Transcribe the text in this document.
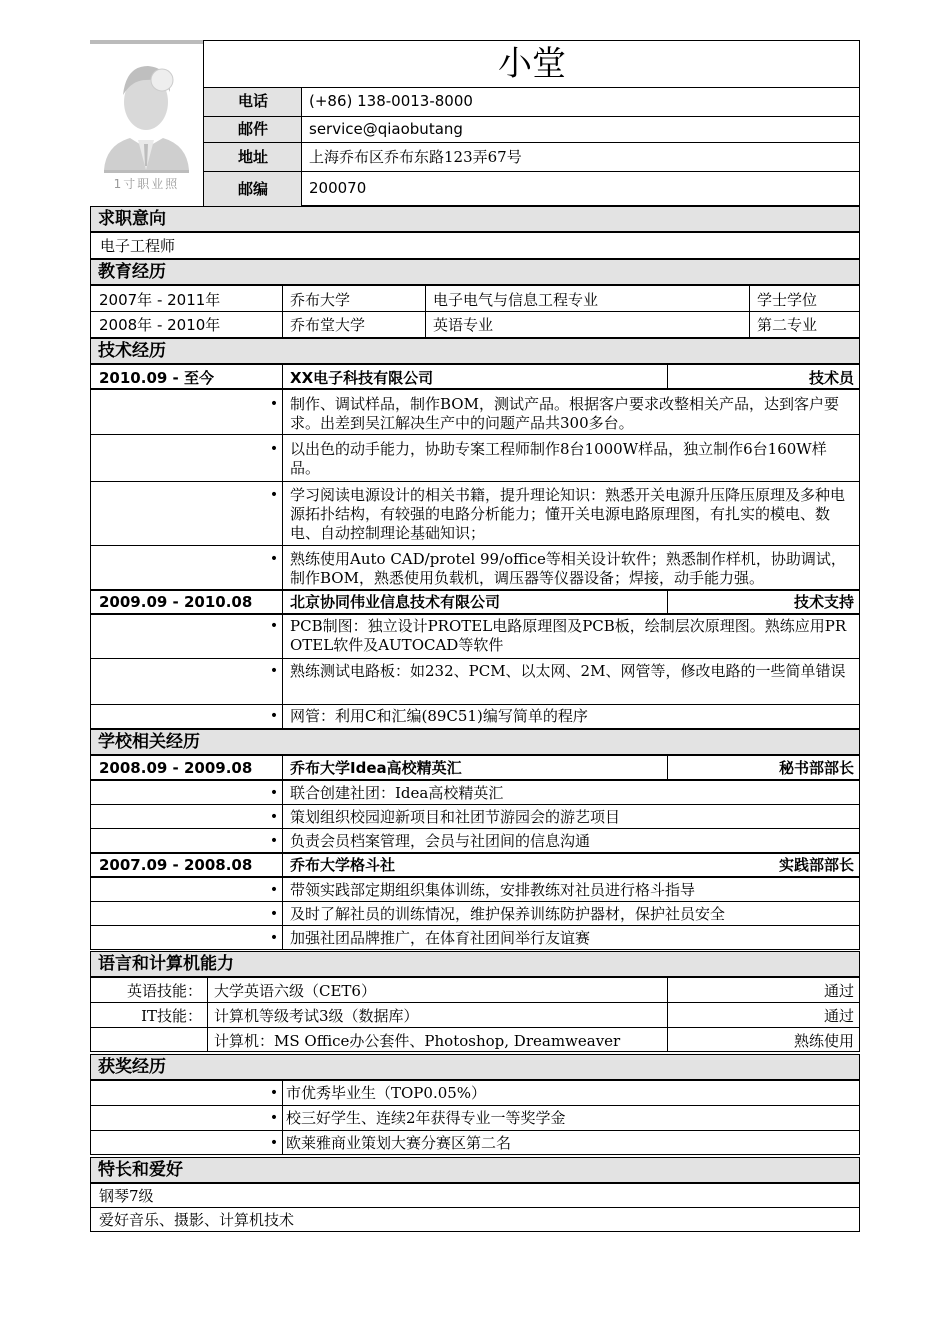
1寸职业照
小堂
电话	(+86) 138-0013-8000
邮件	service@qiaobutang
地址	上海乔布区乔布东路123弄67号
邮编	200070
求职意向
电子工程师
教育经历
2007年 - 2011年	乔布大学	电子电气与信息工程专业	学士学位
2008年 - 2010年	乔布堂大学	英语专业	第二专业
技术经历
2010.09 - 至今	XX电子科技有限公司	技术员
• 制作、调试样品，制作BOM，测试产品。根据客户要求改整相关产品，达到客户要求。出差到吴江解决生产中的问题产品共300多台。
• 以出色的动手能力，协助专案工程师制作8台1000W样品，独立制作6台160W样品。
• 学习阅读电源设计的相关书籍，提升理论知识：熟悉开关电源升压降压原理及多种电源拓扑结构，有较强的电路分析能力；懂开关电源电路原理图，有扎实的模电、数电、自动控制理论基础知识；
• 熟练使用Auto CAD/protel 99/office等相关设计软件；熟悉制作样机，协助调试，制作BOM，熟悉使用负载机，调压器等仪器设备；焊接，动手能力强。
2009.09 - 2010.08	北京协同伟业信息技术有限公司	技术支持
• PCB制图：独立设计PROTEL电路原理图及PCB板，绘制层次原理图。熟练应用PROTEL软件及AUTOCAD等软件
• 熟练测试电路板：如232、PCM、以太网、2M、网管等，修改电路的一些简单错误
• 网管：利用C和汇编(89C51)编写简单的程序
学校相关经历
2008.09 - 2009.08	乔布大学Idea高校精英汇	秘书部部长
• 联合创建社团：Idea高校精英汇
• 策划组织校园迎新项目和社团节游园会的游艺项目
• 负责会员档案管理，会员与社团间的信息沟通
2007.09 - 2008.08	乔布大学格斗社	实践部部长
• 带领实践部定期组织集体训练，安排教练对社员进行格斗指导
• 及时了解社员的训练情况，维护保养训练防护器材，保护社员安全
• 加强社团品牌推广，在体育社团间举行友谊赛
语言和计算机能力
英语技能： 大学英语六级（CET6）	通过
IT技能： 计算机等级考试3级（数据库）	通过
计算机：MS Office办公套件、Photoshop, Dreamweaver	熟练使用
获奖经历
• 市优秀毕业生（TOP0.05%）
• 校三好学生、连续2年获得专业一等奖学金
• 欧莱雅商业策划大赛分赛区第二名
特长和爱好
钢琴7级
爱好音乐、摄影、计算机技术
